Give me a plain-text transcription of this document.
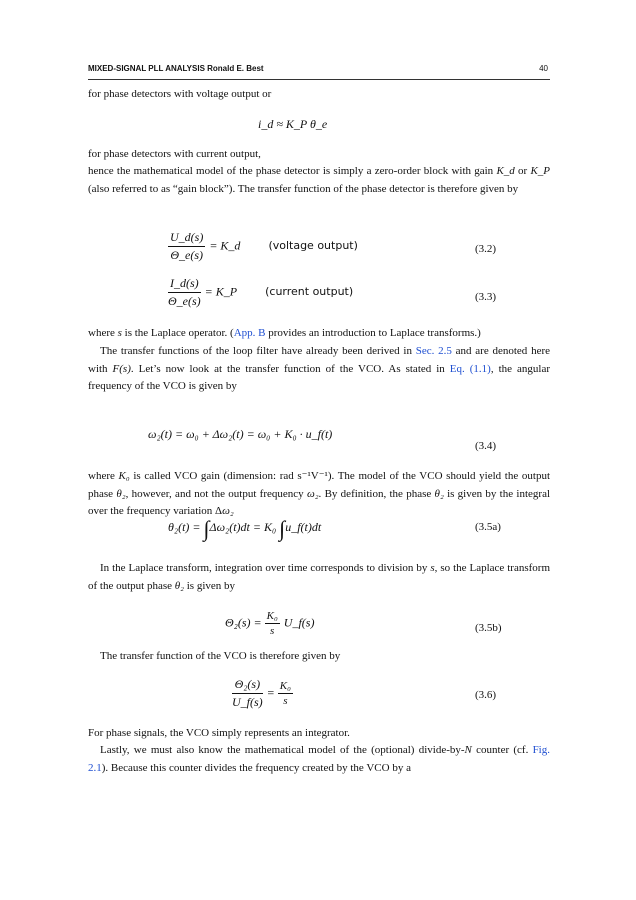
MIXED-SIGNAL PLL ANALYSIS Ronald E. Best	40
for phase detectors with voltage output or
i_d ≈ K_P θ_e
for phase detectors with current output,
hence the mathematical model of the phase detector is simply a zero-order block with gain K_d or K_P (also referred to as “gain block”). The transfer function of the phase detector is therefore given by
$\frac{U\_d(s)}{\Theta\_e(s)}$ = K_d	(voltage output)	(3.2)
$\frac{I\_d(s)}{\Theta\_e(s)}$ = K_P	(current output)	(3.3)
where s is the Laplace operator. (App. B provides an introduction to Laplace transforms.)
The transfer functions of the loop filter have already been derived in Sec. 2.5 and are denoted here with F(s). Let’s now look at the transfer function of the VCO. As stated in Eq. (1.1), the angular frequency of the VCO is given by
ω₂(t) = ω₀ + Δω₂(t) = ω₀ + K₀ · u_f(t)
(3.4)
where K₀ is called VCO gain (dimension: rad s⁻¹V⁻¹). The model of the VCO should yield the output phase θ₂, however, and not the output frequency ω₂. By definition, the phase θ₂ is given by the integral over the frequency variation Δω₂
θ₂(t) = ∫Δω₂(t)dt = K₀ ∫u_f(t)dt	(3.5a)
In the Laplace transform, integration over time corresponds to division by s, so the Laplace transform of the output phase θ₂ is given by
$\Theta_2(s) = \frac{\text{K₀}}{s}$ U_f(s)	(3.5b)
The transfer function of the VCO is therefore given by
$\frac{\text{Θ₂(s)}}{U\_f(s)} = \frac{\text{K₀}}{s}$	(3.6)
For phase signals, the VCO simply represents an integrator.
Lastly, we must also know the mathematical model of the (optional) divide-by-N counter (cf. Fig. 2.1). Because this counter divides the frequency created by the VCO by a
